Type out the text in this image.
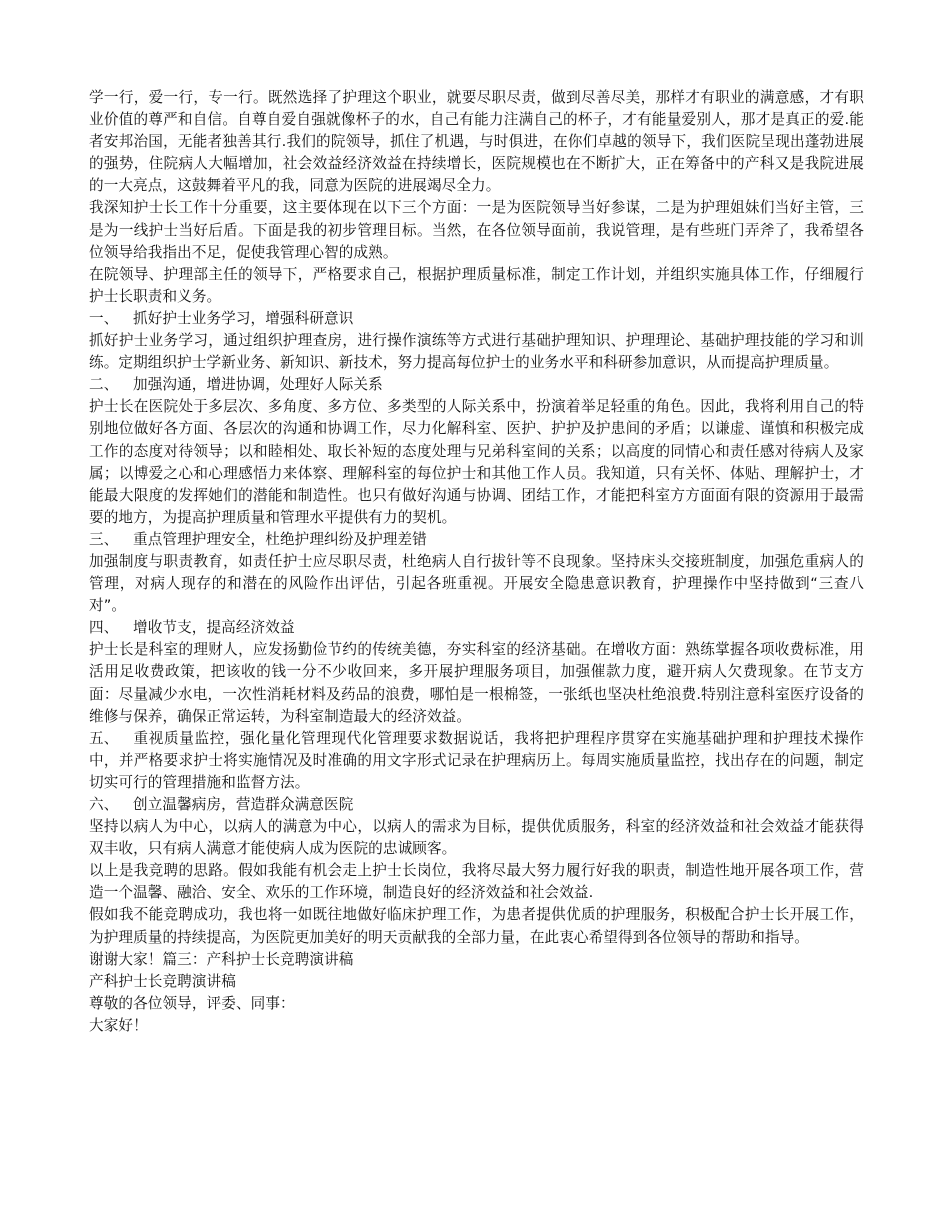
学一行，爱一行，专一行。既然选择了护理这个职业，就要尽职尽责，做到尽善尽美，那样才有职业的满意感，才有职业价值的尊严和自信。自尊自爱自强就像杯子的水，自己有能力注满自己的杯子，才有能量爱别人，那才是真正的爱.能者安邦治国，无能者独善其行.我们的院领导，抓住了机遇，与时俱进，在你们卓越的领导下，我们医院呈现出蓬勃进展的强势，住院病人大幅增加，社会效益经济效益在持续增长，医院规模也在不断扩大，正在筹备中的产科又是我院进展的一大亮点，这鼓舞着平凡的我，同意为医院的进展竭尽全力。

我深知护士长工作十分重要，这主要体现在以下三个方面：一是为医院领导当好参谋，二是为护理姐妹们当好主管，三是为一线护士当好后盾。下面是我的初步管理目标。当然，在各位领导面前，我说管理，是有些班门弄斧了，我希望各位领导给我指出不足，促使我管理心智的成熟。

在院领导、护理部主任的领导下，严格要求自己，根据护理质量标准，制定工作计划，并组织实施具体工作，仔细履行护士长职责和义务。

一、 抓好护士业务学习，增强科研意识

抓好护士业务学习，通过组织护理查房，进行操作演练等方式进行基础护理知识、护理理论、基础护理技能的学习和训练。定期组织护士学新业务、新知识、新技术，努力提高每位护士的业务水平和科研参加意识，从而提高护理质量。

二、 加强沟通，增进协调，处理好人际关系

护士长在医院处于多层次、多角度、多方位、多类型的人际关系中，扮演着举足轻重的角色。因此，我将利用自己的特别地位做好各方面、各层次的沟通和协调工作，尽力化解科室、医护、护护及护患间的矛盾；以谦虚、谨慎和积极完成工作的态度对待领导；以和睦相处、取长补短的态度处理与兄弟科室间的关系；以高度的同情心和责任感对待病人及家属；以博爱之心和心理感悟力来体察、理解科室的每位护士和其他工作人员。我知道，只有关怀、体贴、理解护士，才能最大限度的发挥她们的潜能和制造性。也只有做好沟通与协调、团结工作，才能把科室方方面面有限的资源用于最需要的地方，为提高护理质量和管理水平提供有力的契机。

三、 重点管理护理安全，杜绝护理纠纷及护理差错

加强制度与职责教育，如责任护士应尽职尽责，杜绝病人自行拔针等不良现象。坚持床头交接班制度，加强危重病人的管理，对病人现存的和潜在的风险作出评估，引起各班重视。开展安全隐患意识教育，护理操作中坚持做到“三查八对”。

四、 增收节支，提高经济效益

护士长是科室的理财人，应发扬勤俭节约的传统美德，夯实科室的经济基础。在增收方面：熟练掌握各项收费标准，用活用足收费政策，把该收的钱一分不少收回来，多开展护理服务项目，加强催款力度，避开病人欠费现象。在节支方面：尽量减少水电，一次性消耗材料及药品的浪费，哪怕是一根棉签，一张纸也坚决杜绝浪费.特别注意科室医疗设备的维修与保养，确保正常运转，为科室制造最大的经济效益。

五、 重视质量监控，强化量化管理现代化管理要求数据说话，我将把护理程序贯穿在实施基础护理和护理技术操作中，并严格要求护士将实施情况及时准确的用文字形式记录在护理病历上。每周实施质量监控，找出存在的问题，制定切实可行的管理措施和监督方法。

六、 创立温馨病房，营造群众满意医院

坚持以病人为中心，以病人的满意为中心，以病人的需求为目标，提供优质服务，科室的经济效益和社会效益才能获得双丰收，只有病人满意才能使病人成为医院的忠诚顾客。

以上是我竞聘的思路。假如我能有机会走上护士长岗位，我将尽最大努力履行好我的职责，制造性地开展各项工作，营造一个温馨、融洽、安全、欢乐的工作环境，制造良好的经济效益和社会效益.

假如我不能竞聘成功，我也将一如既往地做好临床护理工作，为患者提供优质的护理服务，积极配合护士长开展工作，为护理质量的持续提高，为医院更加美好的明天贡献我的全部力量，在此衷心希望得到各位领导的帮助和指导。

谢谢大家！篇三：产科护士长竞聘演讲稿

产科护士长竞聘演讲稿

尊敬的各位领导，评委、同事：

大家好！
